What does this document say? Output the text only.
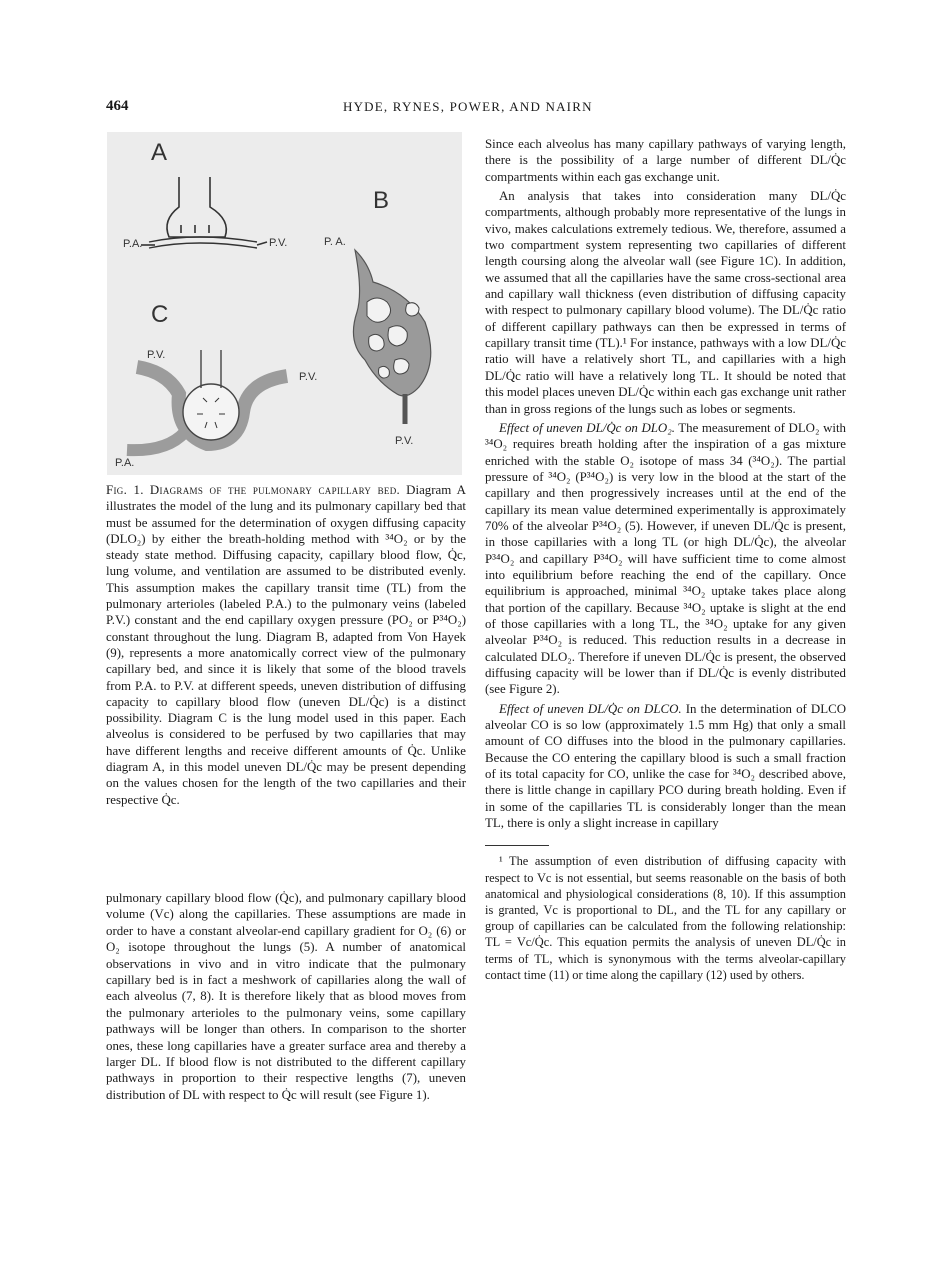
464	HYDE, RYNES, POWER, AND NAIRN
A
P.A.	P.V.
B
P. A.
P.V.
C
P.V.
P.V.
P.A.
Fig. 1. Diagrams of the pulmonary capillary bed. Diagram A illustrates the model of the lung and its pulmonary capillary bed that must be assumed for the determination of oxygen diffusing capacity (DLO₂) by either the breath-holding method with ³⁴O₂ or by the steady state method. Diffusing capacity, capillary blood flow, Q̇c, lung volume, and ventilation are assumed to be distributed evenly. This assumption makes the capillary transit time (TL) from the pulmonary arterioles (labeled P.A.) to the pulmonary veins (labeled P.V.) constant and the end capillary oxygen pressure (PO₂ or P³⁴O₂) constant throughout the lung. Diagram B, adapted from Von Hayek (9), represents a more anatomically correct view of the pulmonary capillary bed, and since it is likely that some of the blood travels from P.A. to P.V. at different speeds, uneven distribution of diffusing capacity to capillary blood flow (uneven DL/Q̇c) is a distinct possibility. Diagram C is the lung model used in this paper. Each alveolus is considered to be perfused by two capillaries that may have different lengths and receive different amounts of Q̇c. Unlike diagram A, in this model uneven DL/Q̇c may be present depending on the values chosen for the length of the two capillaries and their respective Q̇c.
pulmonary capillary blood flow (Q̇c), and pulmonary capillary blood volume (Vc) along the capillaries. These assumptions are made in order to have a constant alveolar-end capillary gradient for O₂ (6) or O₂ isotope throughout the lungs (5). A number of anatomical observations in vivo and in vitro indicate that the pulmonary capillary bed is in fact a meshwork of capillaries along the wall of each alveolus (7, 8). It is therefore likely that as blood moves from the pulmonary arterioles to the pulmonary veins, some capillary pathways will be longer than others. In comparison to the shorter ones, these long capillaries have a greater surface area and thereby a larger DL. If blood flow is not distributed to the different capillary pathways in proportion to their respective lengths (7), uneven distribution of DL with respect to Q̇c will result (see Figure 1).

Since each alveolus has many capillary pathways of varying length, there is the possibility of a large number of different DL/Q̇c compartments within each gas exchange unit.

An analysis that takes into consideration many DL/Q̇c compartments, although probably more representative of the lungs in vivo, makes calculations extremely tedious. We, therefore, assumed a two compartment system representing two capillaries of different length coursing along the alveolar wall (see Figure 1C). In addition, we assumed that all the capillaries have the same cross-sectional area and capillary wall thickness (even distribution of diffusing capacity with respect to pulmonary capillary blood volume). The DL/Q̇c ratio of different capillary pathways can then be expressed in terms of capillary transit time (TL).¹ For instance, pathways with a low DL/Q̇c ratio will have a relatively short TL, and capillaries with a high DL/Q̇c ratio will have a relatively long TL. It should be noted that this model places uneven DL/Q̇c within each gas exchange unit rather than in gross regions of the lungs such as lobes or segments.

Effect of uneven DL/Q̇c on DLO₂. The measurement of DLO₂ with ³⁴O₂ requires breath holding after the inspiration of a gas mixture enriched with the stable O₂ isotope of mass 34 (³⁴O₂). The partial pressure of ³⁴O₂ (P³⁴O₂) is very low in the blood at the start of the capillary and then progressively increases until at the end of the capillary its mean value determined experimentally is approximately 70% of the alveolar P³⁴O₂ (5). However, if uneven DL/Q̇c is present, in those capillaries with a long TL (or high DL/Q̇c), the alveolar P³⁴O₂ and capillary P³⁴O₂ will have sufficient time to come almost into equilibrium before reaching the end of the capillary. Once equilibrium is approached, minimal ³⁴O₂ uptake takes place along that portion of the capillary. Because ³⁴O₂ uptake is slight at the end of those capillaries with a long TL, the ³⁴O₂ uptake for any given alveolar P³⁴O₂ is reduced. This reduction results in a decrease in calculated DLO₂. Therefore if uneven DL/Q̇c is present, the observed diffusing capacity will be lower than if DL/Q̇c is evenly distributed (see Figure 2).

Effect of uneven DL/Q̇c on DLCO. In the determination of DLCO alveolar CO is so low (approximately 1.5 mm Hg) that only a small amount of CO diffuses into the blood in the pulmonary capillaries. Because the CO entering the capillary blood is such a small fraction of its total capacity for CO, unlike the case for ³⁴O₂ described above, there is little change in capillary PCO during breath holding. Even if in some of the capillaries TL is considerably longer than the mean TL, there is only a slight increase in capillary

¹ The assumption of even distribution of diffusing capacity with respect to Vc is not essential, but seems reasonable on the basis of both anatomical and physiological considerations (8, 10). If this assumption is granted, Vc is proportional to DL, and the TL for any capillary or group of capillaries can be calculated from the following relationship: TL = Vc/Q̇c. This equation permits the analysis of uneven DL/Q̇c in terms of TL, which is synonymous with the terms alveolar-capillary contact time (11) or time along the capillary (12) used by others.
